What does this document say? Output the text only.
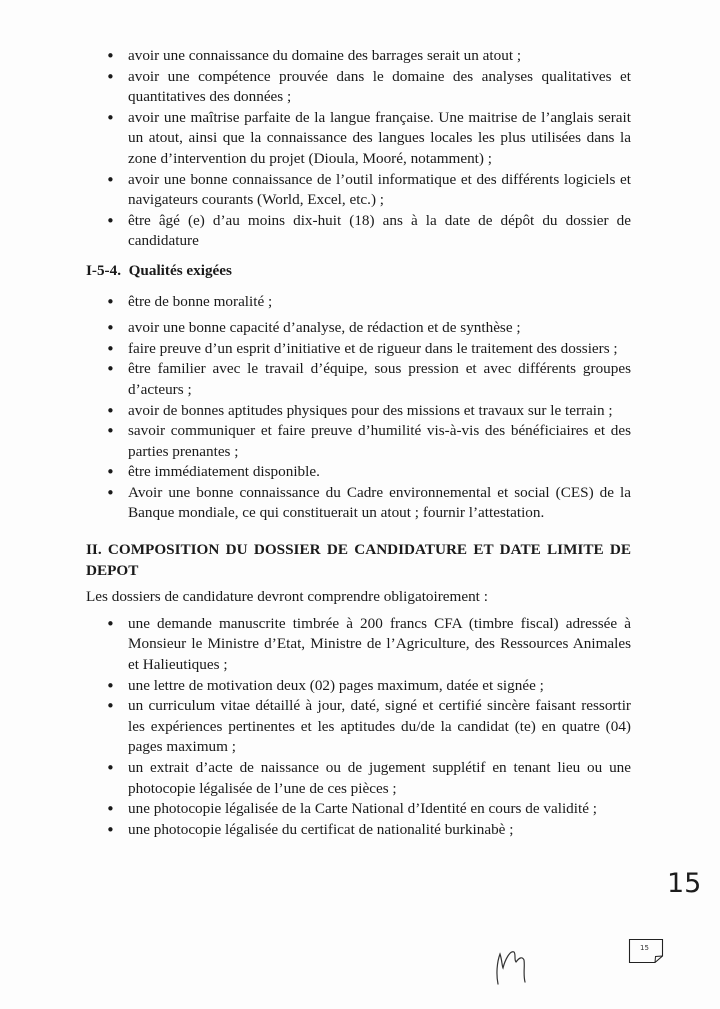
• avoir une connaissance du domaine des barrages serait un atout ;
• avoir une compétence prouvée dans le domaine des analyses qualitatives et quantitatives des données ;
• avoir une maîtrise parfaite de la langue française. Une maitrise de l’anglais serait un atout, ainsi que la connaissance des langues locales les plus utilisées dans la zone d’intervention du projet (Dioula, Mooré, notamment) ;
• avoir une bonne connaissance de l’outil informatique et des différents logiciels et navigateurs courants (World, Excel, etc.) ;
• être âgé (e) d’au moins dix-huit (18) ans à la date de dépôt du dossier de candidature
I-5-4. Qualités exigées
• être de bonne moralité ;
• avoir une bonne capacité d’analyse, de rédaction et de synthèse ;
• faire preuve d’un esprit d’initiative et de rigueur dans le traitement des dossiers ;
• être familier avec le travail d’équipe, sous pression et avec différents groupes d’acteurs ;
• avoir de bonnes aptitudes physiques pour des missions et travaux sur le terrain ;
• savoir communiquer et faire preuve d’humilité vis-à-vis des bénéficiaires et des parties prenantes ;
• être immédiatement disponible.
• Avoir une bonne connaissance du Cadre environnemental et social (CES) de la Banque mondiale, ce qui constituerait un atout ; fournir l’attestation.
II. COMPOSITION DU DOSSIER DE CANDIDATURE ET DATE LIMITE DE DEPOT
Les dossiers de candidature devront comprendre obligatoirement :
• une demande manuscrite timbrée à 200 francs CFA (timbre fiscal) adressée à Monsieur le Ministre d’Etat, Ministre de l’Agriculture, des Ressources Animales et Halieutiques ;
• une lettre de motivation deux (02) pages maximum, datée et signée ;
• un curriculum vitae détaillé à jour, daté, signé et certifié sincère faisant ressortir les expériences pertinentes et les aptitudes du/de la candidat (te) en quatre (04) pages maximum ;
• un extrait d’acte de naissance ou de jugement supplétif en tenant lieu ou une photocopie légalisée de l’une de ces pièces ;
• une photocopie légalisée de la Carte National d’Identité en cours de validité ;
• une photocopie légalisée du certificat de nationalité burkinabè ;
15
15
